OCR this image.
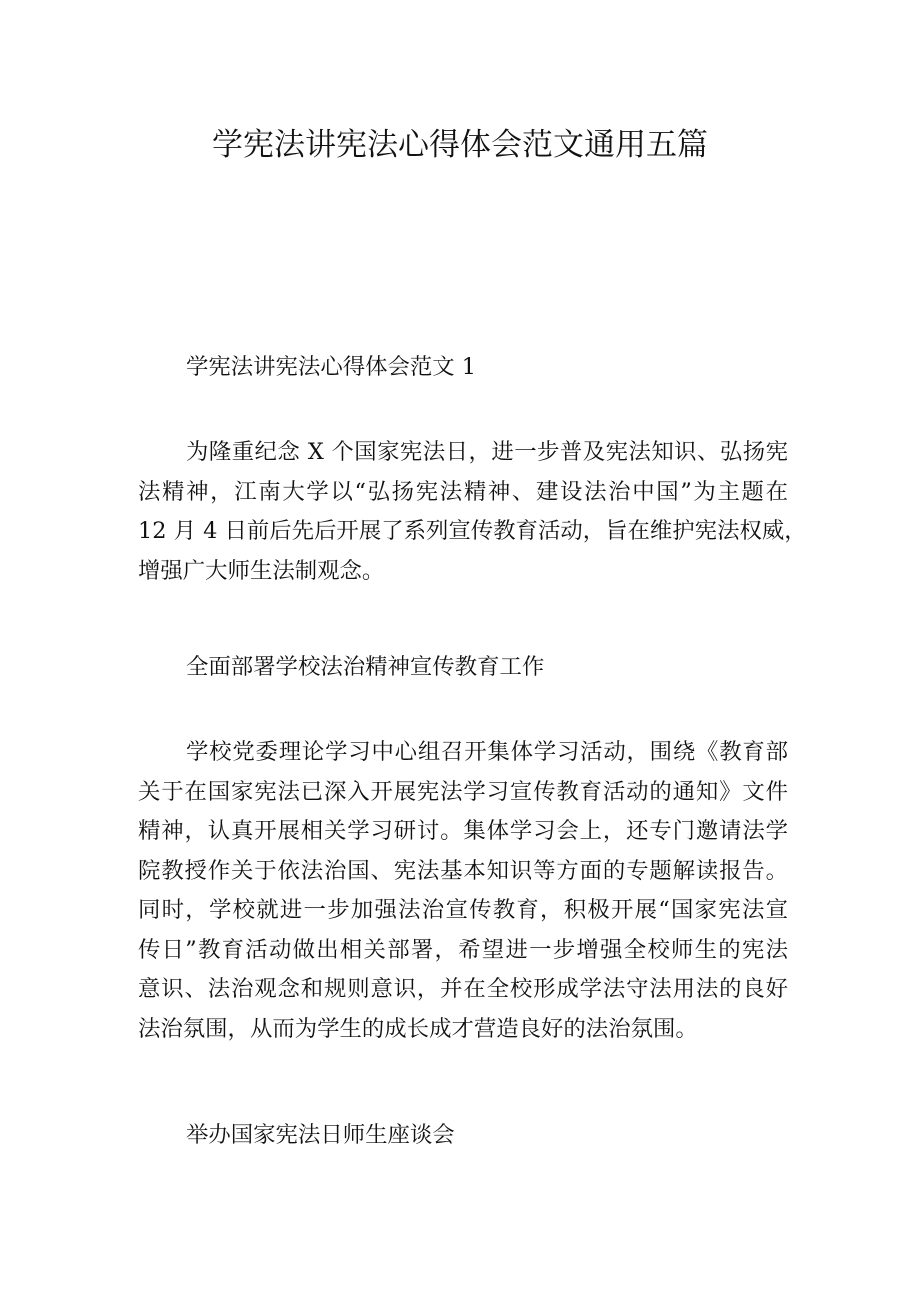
学宪法讲宪法心得体会范文通用五篇

学宪法讲宪法心得体会范文 1

为隆重纪念 X 个国家宪法日，进一步普及宪法知识、弘扬宪
法精神，江南大学以“弘扬宪法精神、建设法治中国”为主题在
12 月 4 日前后先后开展了系列宣传教育活动，旨在维护宪法权威，
增强广大师生法制观念。

全面部署学校法治精神宣传教育工作

学校党委理论学习中心组召开集体学习活动，围绕《教育部
关于在国家宪法已深入开展宪法学习宣传教育活动的通知》文件
精神，认真开展相关学习研讨。集体学习会上，还专门邀请法学
院教授作关于依法治国、宪法基本知识等方面的专题解读报告。
同时，学校就进一步加强法治宣传教育，积极开展“国家宪法宣
传日”教育活动做出相关部署，希望进一步增强全校师生的宪法
意识、法治观念和规则意识，并在全校形成学法守法用法的良好
法治氛围，从而为学生的成长成才营造良好的法治氛围。

举办国家宪法日师生座谈会
